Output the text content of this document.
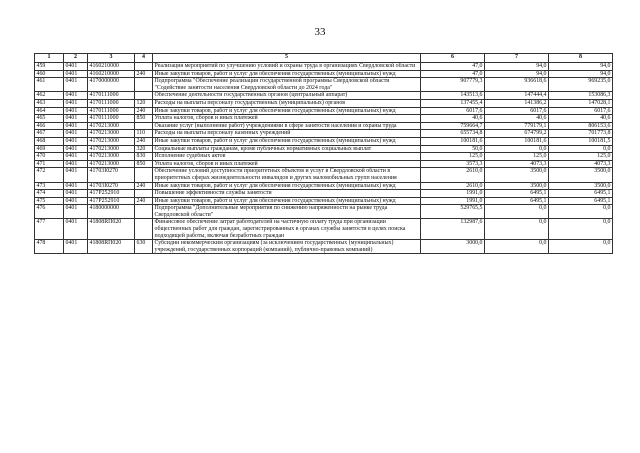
33
1	2	3	4	5	6	7	8
459	0401	4160210000		Реализация мероприятий по улучшению условий и охраны труда в организациях Свердловской области	47,0	94,0	94,0
460	0401	4160210000	240	Иные закупки товаров, работ и услуг для обеспечения государственных (муниципальных) нужд	47,0	94,0	94,0
461	0401	4170000000		Подпрограмма "Обеспечение реализации государственной программы Свердловской области "Содействие занятости населения Свердловской области до 2024 года"	907779,3	936618,6	969235,0
462	0401	4170111000		Обеспечение деятельности государственных органов (центральный аппарат)	143513,6	147444,4	153086,3
463	0401	4170111000	120	Расходы на выплаты персоналу государственных (муниципальных) органов	137455,4	141386,2	147028,1
464	0401	4170111000	240	Иные закупки товаров, работ и услуг для обеспечения государственных (муниципальных) нужд	6017,6	6017,6	6017,6
465	0401	4170111000	850	Уплата налогов, сборов и иных платежей	40,6	40,6	40,6
466	0401	4170213000		Оказание услуг (выполнение работ) учреждениями в сфере занятости населения и охраны труда	759664,7	779179,1	806153,6
467	0401	4170213000	110	Расходы на выплаты персоналу казенных учреждений	655734,8	674799,2	701773,8
468	0401	4170213000	240	Иные закупки товаров, работ и услуг для обеспечения государственных (муниципальных) нужд	100181,6	100181,6	100181,5
469	0401	4170213000	320	Социальные выплаты гражданам, кроме публичных нормативных социальных выплат	50,0	0,0	0,0
470	0401	4170213000	830	Исполнение судебных актов	125,0	125,0	125,0
471	0401	4170213000	850	Уплата налогов, сборов и иных платежей	3573,3	4073,3	4073,3
472	0401	41703I0270		Обеспечение условий доступности приоритетных объектов и услуг в Свердловской области в приоритетных сферах жизнедеятельности инвалидов и других маломобильных групп населения	2610,0	3500,0	3500,0
473	0401	41703I0270	240	Иные закупки товаров, работ и услуг для обеспечения государственных (муниципальных) нужд	2610,0	3500,0	3500,0
474	0401	417P252910		Повышение эффективности службы занятости	1991,0	6495,1	6495,1
475	0401	417P252910	240	Иные закупки товаров, работ и услуг для обеспечения государственных (муниципальных) нужд	1991,0	6495,1	6495,1
476	0401	4180000000		Подпрограмма "Дополнительные мероприятия по снижению напряженности на рынке труда Свердловской области"	529765,5	0,0	0,0
477	0401	41808RП020		Финансовое обеспечение затрат работодателей на частичную оплату труда при организации общественных работ для граждан, зарегистрированных в органах службы занятости в целях поиска подходящей работы, включая безработных граждан	132987,6	0,0	0,0
478	0401	41808RП020	630	Субсидии некоммерческим организациям (за исключением государственных (муниципальных) учреждений, государственных корпораций (компаний), публично-правовых компаний)	3000,0	0,0	0,0
